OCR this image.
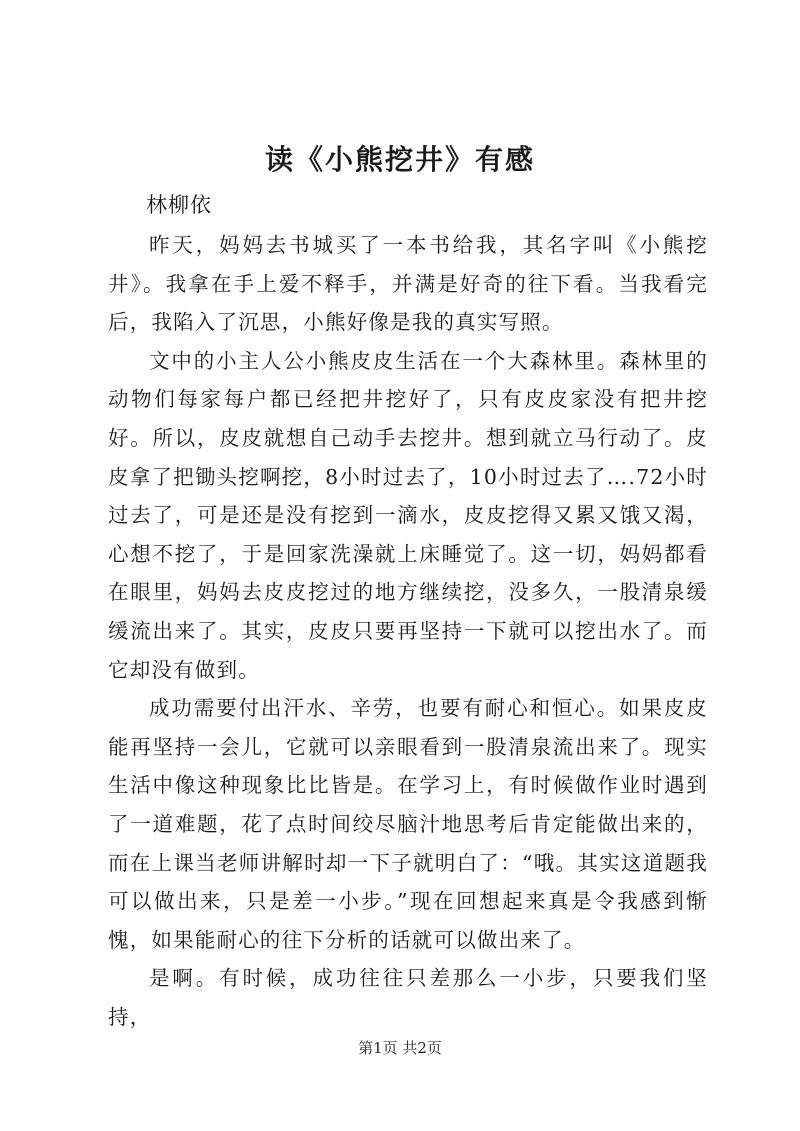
读《小熊挖井》有感
林柳依

昨天，妈妈去书城买了一本书给我，其名字叫《小熊挖井》。我拿在手上爱不释手，并满是好奇的往下看。当我看完后，我陷入了沉思，小熊好像是我的真实写照。

文中的小主人公小熊皮皮生活在一个大森林里。森林里的动物们每家每户都已经把井挖好了，只有皮皮家没有把井挖好。所以，皮皮就想自己动手去挖井。想到就立马行动了。皮皮拿了把锄头挖啊挖，8小时过去了，10小时过去了….72小时过去了，可是还是没有挖到一滴水，皮皮挖得又累又饿又渴，心想不挖了，于是回家洗澡就上床睡觉了。这一切，妈妈都看在眼里，妈妈去皮皮挖过的地方继续挖，没多久，一股清泉缓缓流出来了。其实，皮皮只要再坚持一下就可以挖出水了。而它却没有做到。

成功需要付出汗水、辛劳，也要有耐心和恒心。如果皮皮能再坚持一会儿，它就可以亲眼看到一股清泉流出来了。现实生活中像这种现象比比皆是。在学习上，有时候做作业时遇到了一道难题，花了点时间绞尽脑汁地思考后肯定能做出来的，而在上课当老师讲解时却一下子就明白了：“哦。其实这道题我可以做出来，只是差一小步。”现在回想起来真是令我感到惭愧，如果能耐心的往下分析的话就可以做出来了。

是啊。有时候，成功往往只差那么一小步，只要我们坚持，

第1页 共2页
